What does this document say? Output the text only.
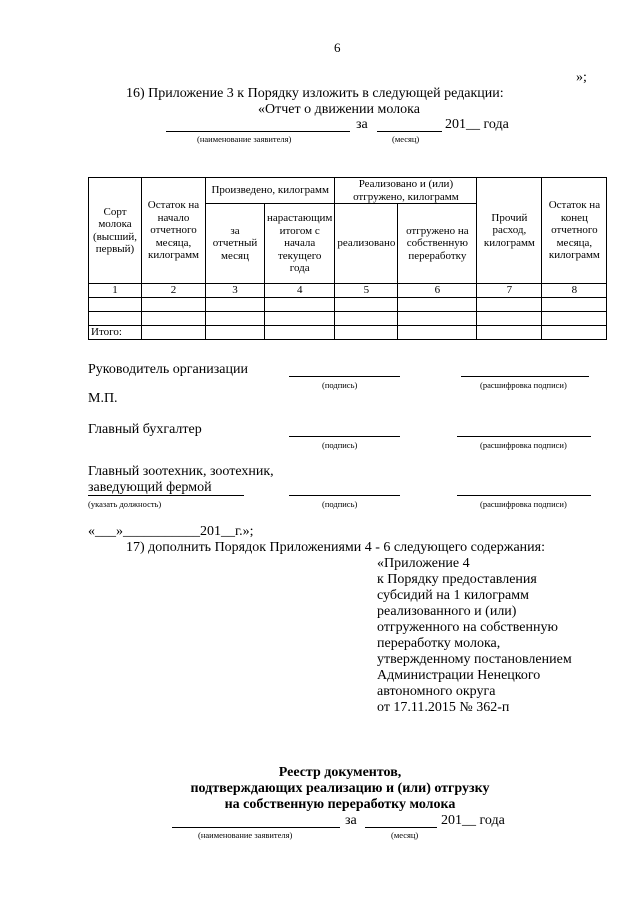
6
»;
16) Приложение 3 к Порядку изложить в следующей редакции:
«Отчет о движении молока
за	201__ года
(наименование заявителя)	(месяц)
Сорт молока (высший, первый)	Остаток на начало отчетного месяца, килограмм	Произведено, килограмм		Реализовано и (или) отгружено, килограмм		Прочий расход, килограмм	Остаток на конец отчетного месяца, килограмм
		за отчетный месяц	нарастающим итогом с начала текущего года	реализовано	отгружено на собственную переработку		
1	2	3	4	5	6	7	8

Итого:							
Руководитель организации
(подпись)	(расшифровка подписи)
М.П.
Главный бухгалтер
(подпись)	(расшифровка подписи)
Главный зоотехник, зоотехник,
заведующий фермой
(указать должность)	(подпись)	(расшифровка подписи)
«___»___________201__г.»;
17) дополнить Порядок Приложениями 4 - 6 следующего содержания:
«Приложение 4
к Порядку предоставления
субсидий на 1 килограмм
реализованного и (или)
отгруженного на собственную
переработку молока,
утвержденному постановлением
Администрации Ненецкого
автономного округа
от 17.11.2015 № 362-п
Реестр документов,
подтверждающих реализацию и (или) отгрузку
на собственную переработку молока
за	201__ года
(наименование заявителя)	(месяц)
